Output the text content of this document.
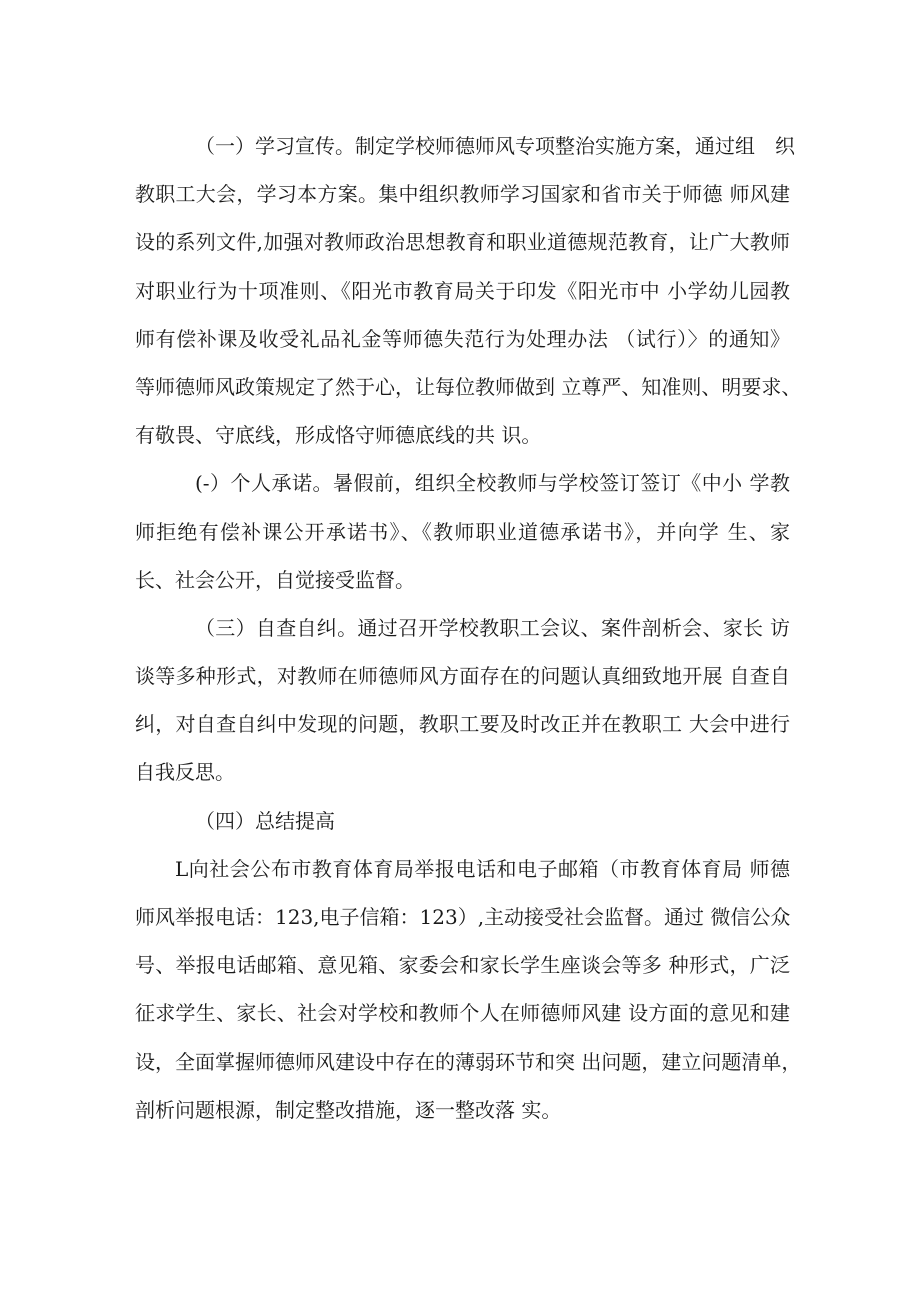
（一）学习宣传。制定学校师德师风专项整治实施方案，通过组　织
教职工大会，学习本方案。集中组织教师学习国家和省市关于师德 师风建
设的系列文件,加强对教师政治思想教育和职业道德规范教育，让广大教师
对职业行为十项准则、《阳光市教育局关于印发《阳光市中 小学幼儿园教
师有偿补课及收受礼品礼金等师德失范行为处理办法 （试行）〉的通知》
等师德师风政策规定了然于心，让每位教师做到 立尊严、知准则、明要求、
有敬畏、守底线，形成恪守师德底线的共 识。
(-）个人承诺。暑假前，组织全校教师与学校签订签订《中小 学教
师拒绝有偿补课公开承诺书》、《教师职业道德承诺书》，并向学 生、家
长、社会公开，自觉接受监督。
（三）自查自纠。通过召开学校教职工会议、案件剖析会、家长 访
谈等多种形式，对教师在师德师风方面存在的问题认真细致地开展 自查自
纠，对自查自纠中发现的问题，教职工要及时改正并在教职工 大会中进行
自我反思。
（四）总结提高
L向社会公布市教育体育局举报电话和电子邮箱（市教育体育局 师德
师风举报电话：123,电子信箱：123）,主动接受社会监督。通过 微信公众
号、举报电话邮箱、意见箱、家委会和家长学生座谈会等多 种形式，广泛
征求学生、家长、社会对学校和教师个人在师德师风建 设方面的意见和建
设，全面掌握师德师风建设中存在的薄弱环节和突 出问题，建立问题清单，
剖析问题根源，制定整改措施，逐一整改落 实。
